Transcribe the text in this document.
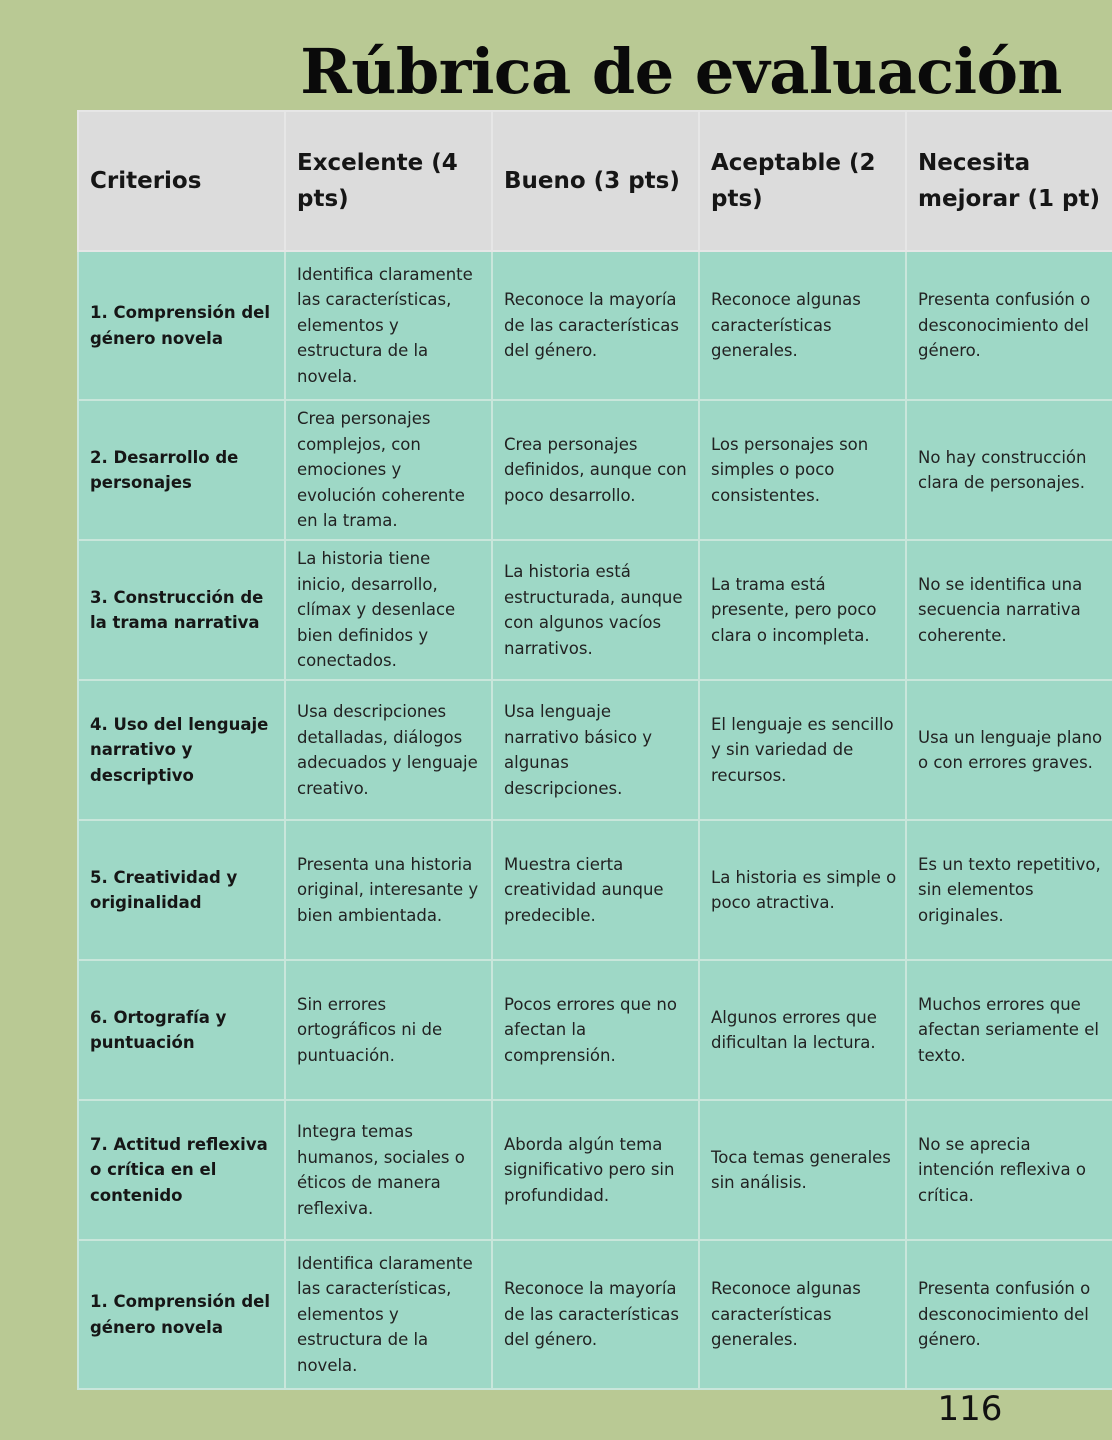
Rúbrica de evaluación
Criterios	Excelente (4 pts)	Bueno (3 pts)	Aceptable (2 pts)	Necesita mejorar (1 pt)
1. Comprensión del género novela	Identifica claramente las características, elementos y estructura de la novela.	Reconoce la mayoría de las características del género.	Reconoce algunas características generales.	Presenta confusión o desconocimiento del género.
2. Desarrollo de personajes	Crea personajes complejos, con emociones y evolución coherente en la trama.	Crea personajes definidos, aunque con poco desarrollo.	Los personajes son simples o poco consistentes.	No hay construcción clara de personajes.
3. Construcción de la trama narrativa	La historia tiene inicio, desarrollo, clímax y desenlace bien definidos y conectados.	La historia está estructurada, aunque con algunos vacíos narrativos.	La trama está presente, pero poco clara o incompleta.	No se identifica una secuencia narrativa coherente.
4. Uso del lenguaje narrativo y descriptivo	Usa descripciones detalladas, diálogos adecuados y lenguaje creativo.	Usa lenguaje narrativo básico y algunas descripciones.	El lenguaje es sencillo y sin variedad de recursos.	Usa un lenguaje plano o con errores graves.
5. Creatividad y originalidad	Presenta una historia original, interesante y bien ambientada.	Muestra cierta creatividad aunque predecible.	La historia es simple o poco atractiva.	Es un texto repetitivo, sin elementos originales.
6. Ortografía y puntuación	Sin errores ortográficos ni de puntuación.	Pocos errores que no afectan la comprensión.	Algunos errores que dificultan la lectura.	Muchos errores que afectan seriamente el texto.
7. Actitud reflexiva o crítica en el contenido	Integra temas humanos, sociales o éticos de manera reflexiva.	Aborda algún tema significativo pero sin profundidad.	Toca temas generales sin análisis.	No se aprecia intención reflexiva o crítica.
1. Comprensión del género novela	Identifica claramente las características, elementos y estructura de la novela.	Reconoce la mayoría de las características del género.	Reconoce algunas características generales.	Presenta confusión o desconocimiento del género.
116
